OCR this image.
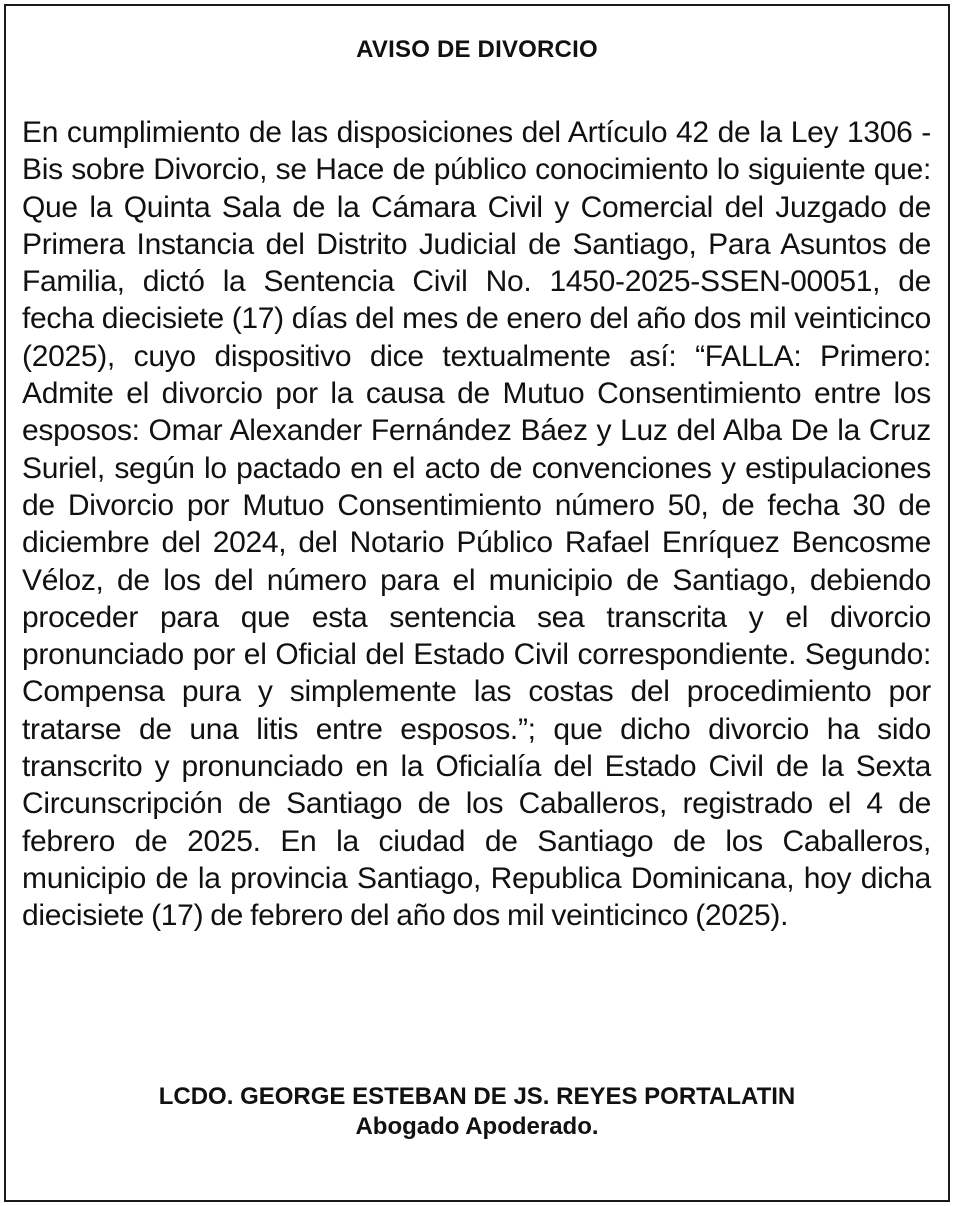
AVISO DE DIVORCIO
En cumplimiento de las disposiciones del Artículo 42 de la Ley 1306 - Bis sobre Divorcio, se Hace de público conocimiento lo siguiente que: Que la Quinta Sala de la Cámara Civil y Comercial del Juzgado de Primera Instancia del Distrito Judicial de Santiago, Para Asuntos de Familia, dictó la Sentencia Civil No. 1450-2025-SSEN-00051, de fecha diecisiete (17) días del mes de enero del año dos mil veinticinco (2025), cuyo dispositivo dice textualmente así: “FALLA: Primero: Admite el divorcio por la causa de Mutuo Consentimiento entre los esposos: Omar Alexander Fernández Báez y Luz del Alba De la Cruz Suriel, según lo pactado en el acto de convenciones y estipulaciones de Divorcio por Mutuo Consentimiento número 50, de fecha 30 de diciembre del 2024, del Notario Público Rafael Enríquez Bencosme Véloz, de los del número para el municipio de Santiago, debiendo proceder para que esta sentencia sea transcrita y el divorcio pronunciado por el Oficial del Estado Civil correspondiente. Segundo: Compensa pura y simplemente las costas del procedimiento por tratarse de una litis entre esposos.”; que dicho divorcio ha sido transcrito y pronunciado en la Oficialía del Estado Civil de la Sexta Circunscripción de Santiago de los Caballeros, registrado el 4 de febrero de 2025. En la ciudad de Santiago de los Caballeros, municipio de la provincia Santiago, Republica Dominicana, hoy dicha diecisiete (17) de febrero del año dos mil veinticinco (2025).
LCDO. GEORGE ESTEBAN DE JS. REYES PORTALATIN
Abogado Apoderado.
